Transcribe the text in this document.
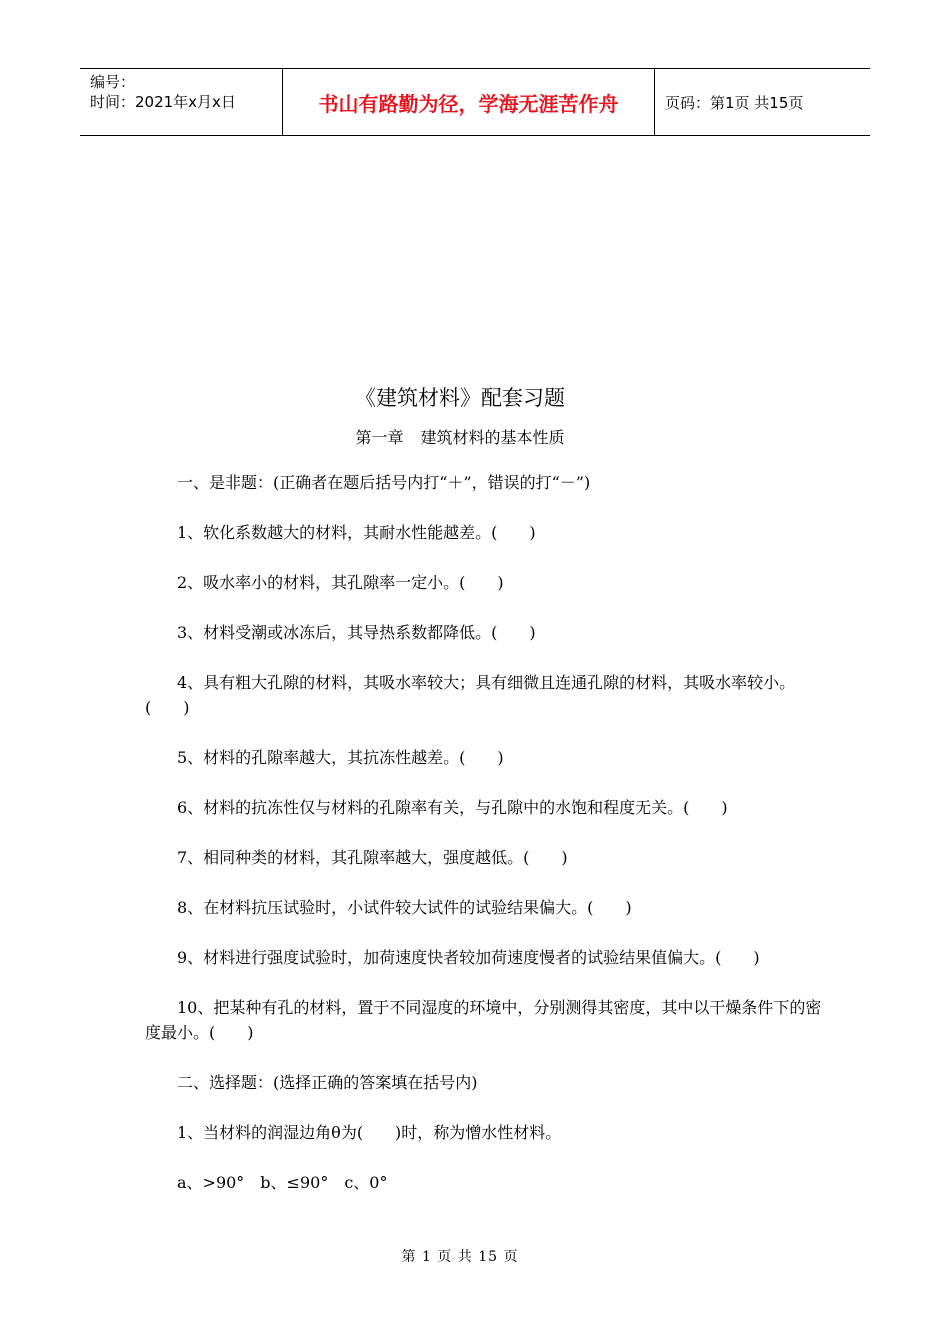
编号：
时间：2021年x月x日	书山有路勤为径，学海无涯苦作舟	页码：第1页 共15页
《建筑材料》配套习题
第一章 建筑材料的基本性质

一、是非题：(正确者在题后括号内打“＋”，错误的打“－”)

1、软化系数越大的材料，其耐水性能越差。(　　)

2、吸水率小的材料，其孔隙率一定小。(　　)

3、材料受潮或冰冻后，其导热系数都降低。(　　)

4、具有粗大孔隙的材料，其吸水率较大；具有细微且连通孔隙的材料，其吸水率较小。(　　)

5、材料的孔隙率越大，其抗冻性越差。(　　)

6、材料的抗冻性仅与材料的孔隙率有关，与孔隙中的水饱和程度无关。(　　)

7、相同种类的材料，其孔隙率越大，强度越低。(　　)

8、在材料抗压试验时，小试件较大试件的试验结果偏大。(　　)

9、材料进行强度试验时，加荷速度快者较加荷速度慢者的试验结果值偏大。(　　)

10、把某种有孔的材料，置于不同湿度的环境中，分别测得其密度，其中以干燥条件下的密度最小。(　　)

二、选择题：(选择正确的答案填在括号内)

1、当材料的润湿边角θ为(　　)时，称为憎水性材料。

a、>90°　b、≤90°　c、0°

第 1 页 共 15 页
